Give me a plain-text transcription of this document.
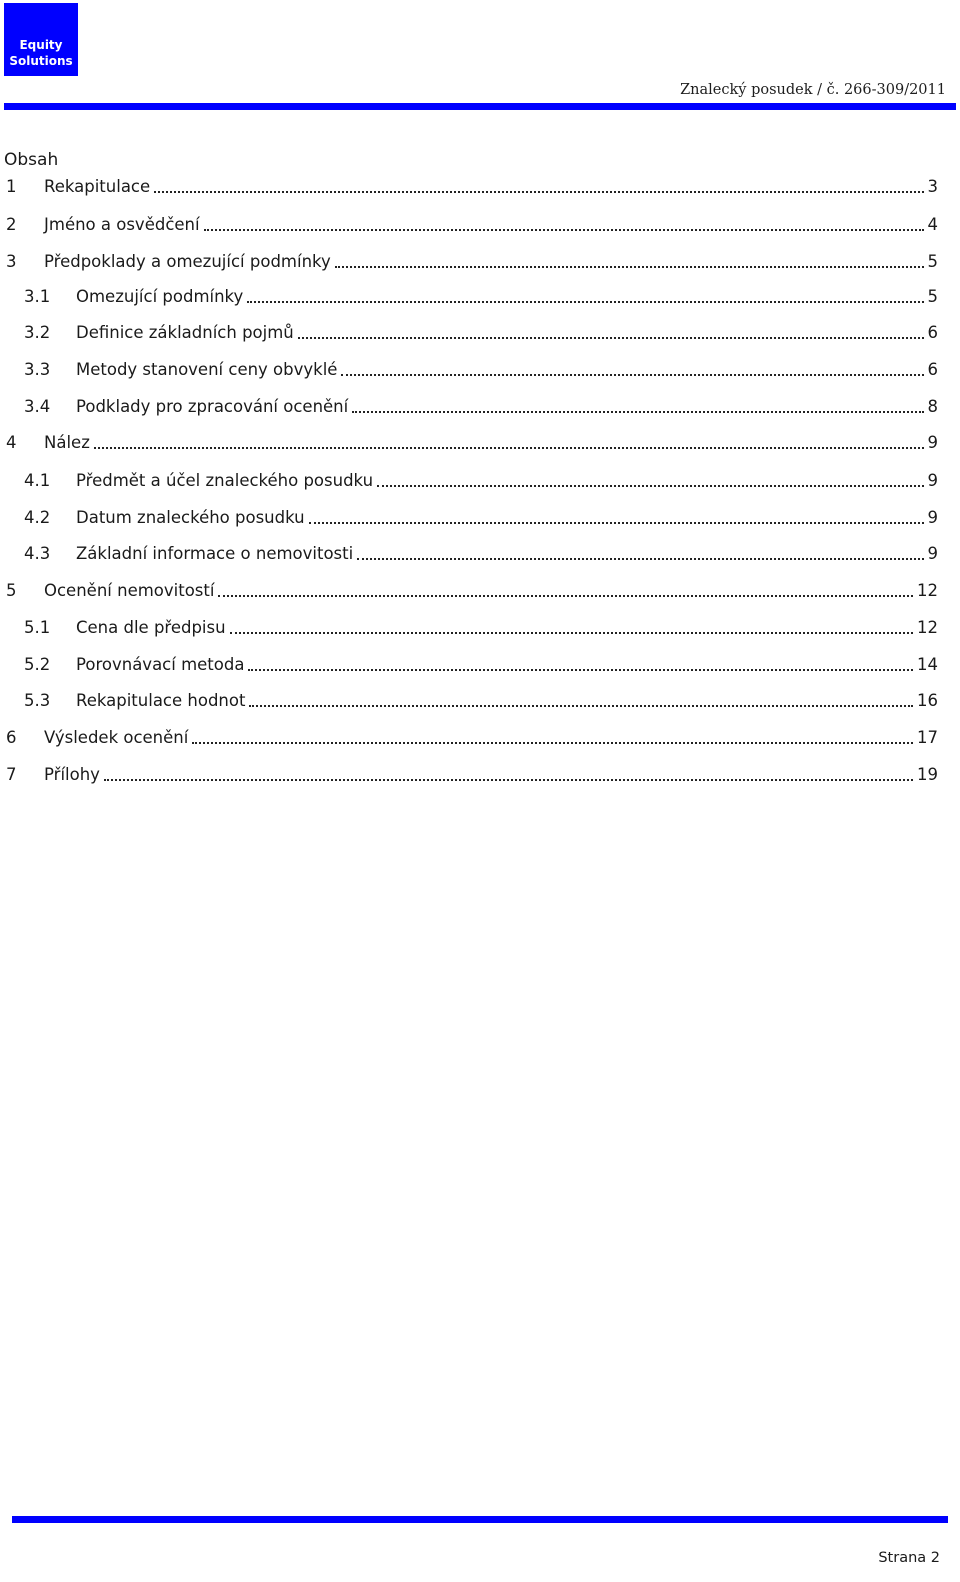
Equity
Solutions
Znalecký posudek / č. 266-309/2011
Obsah
1 Rekapitulace	3
2 Jméno a osvědčení	4
3 Předpoklady a omezující podmínky	5
3.1 Omezující podmínky	5
3.2 Definice základních pojmů	6
3.3 Metody stanovení ceny obvyklé	6
3.4 Podklady pro zpracování ocenění	8
4 Nález	9
4.1 Předmět a účel znaleckého posudku	9
4.2 Datum znaleckého posudku	9
4.3 Základní informace o nemovitosti	9
5 Ocenění nemovitostí	12
5.1 Cena dle předpisu	12
5.2 Porovnávací metoda	14
5.3 Rekapitulace hodnot	16
6 Výsledek ocenění	17
7 Přílohy	19
Strana 2
